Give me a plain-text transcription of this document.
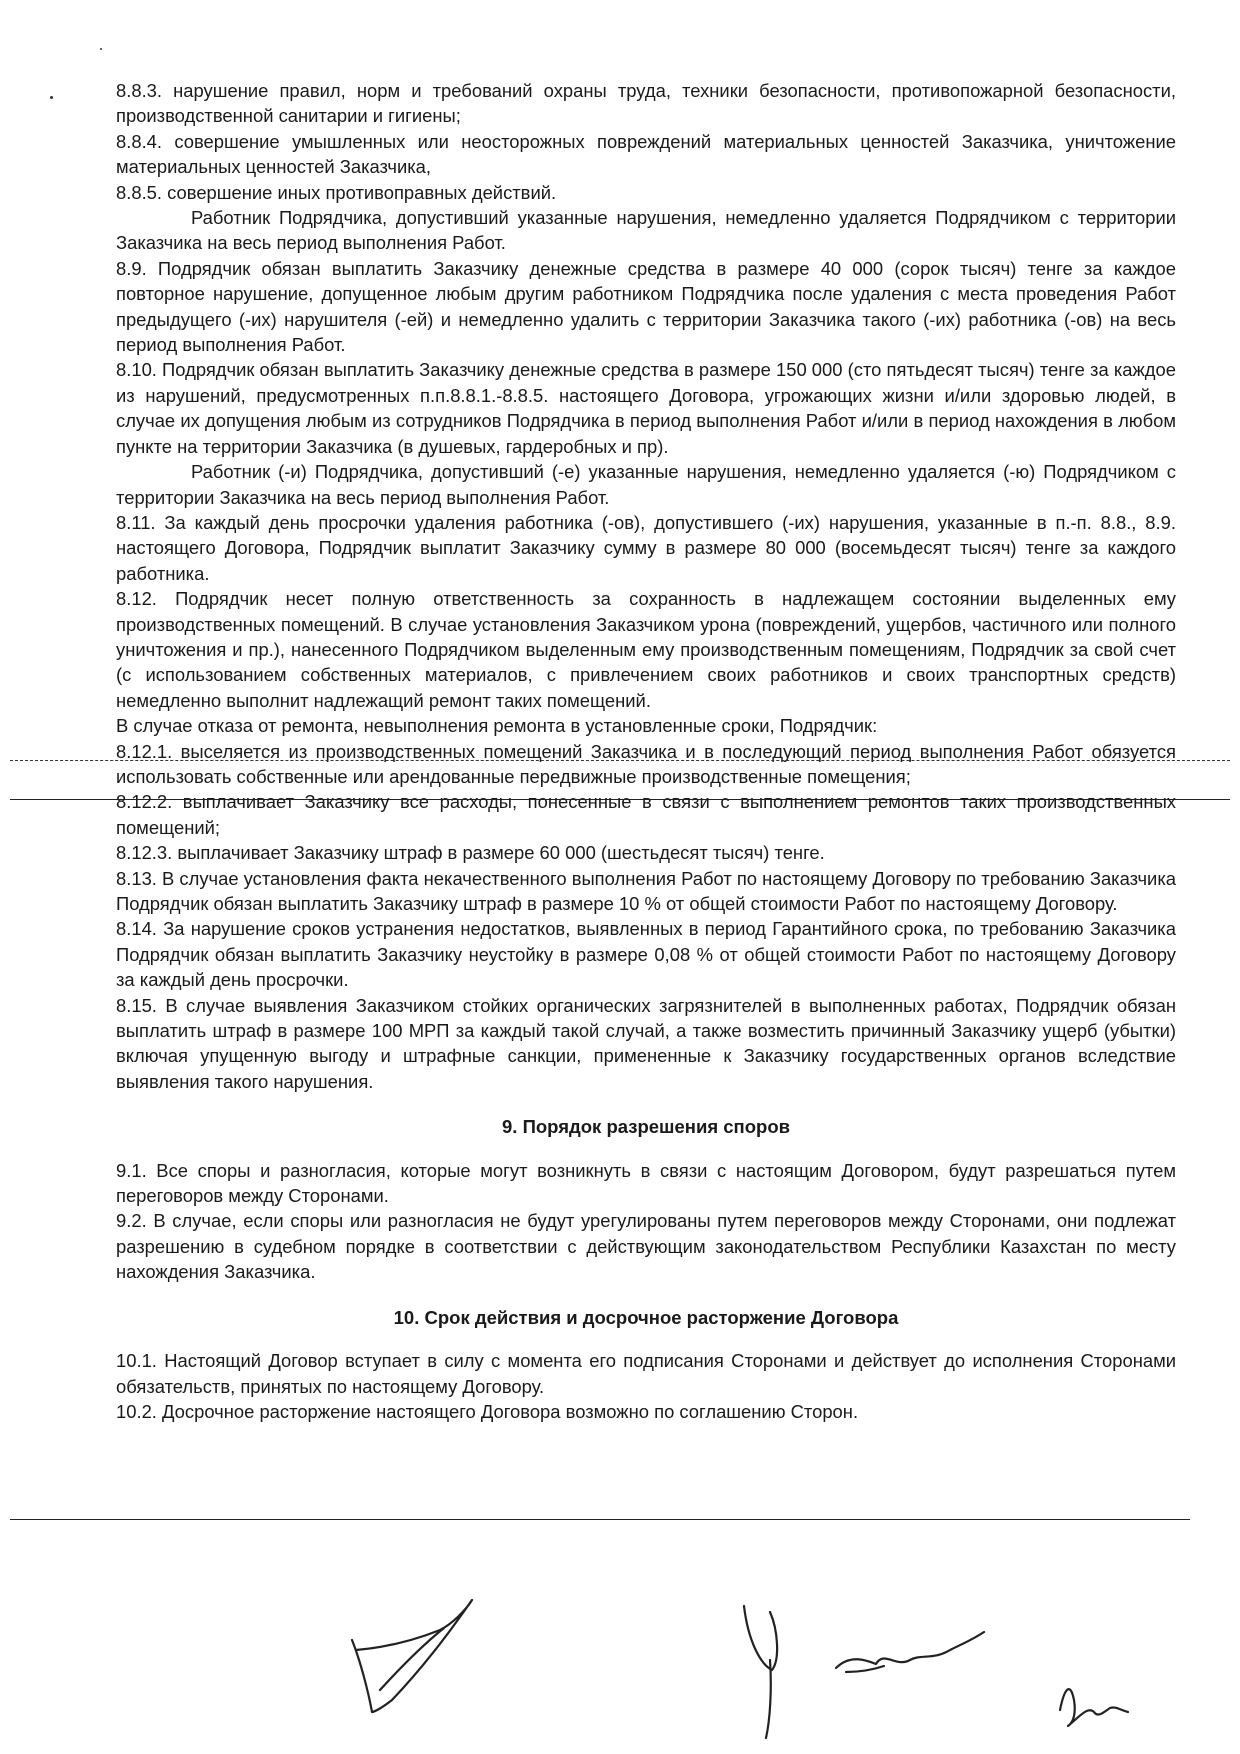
8.8.3. нарушение правил, норм и требований охраны труда, техники безопасности, противопожарной безопасности, производственной санитарии и гигиены;

8.8.4. совершение умышленных или неосторожных повреждений материальных ценностей Заказчика, уничтожение материальных ценностей Заказчика,

8.8.5. совершение иных противоправных действий.

Работник Подрядчика, допустивший указанные нарушения, немедленно удаляется Подрядчиком с территории Заказчика на весь период выполнения Работ.

8.9. Подрядчик обязан выплатить Заказчику денежные средства в размере 40 000 (сорок тысяч) тенге за каждое повторное нарушение, допущенное любым другим работником Подрядчика после удаления с места проведения Работ предыдущего (-их) нарушителя (-ей) и немедленно удалить с территории Заказчика такого (-их) работника (-ов) на весь период выполнения Работ.

8.10. Подрядчик обязан выплатить Заказчику денежные средства в размере 150 000 (сто пятьдесят тысяч) тенге за каждое из нарушений, предусмотренных п.п.8.8.1.-8.8.5. настоящего Договора, угрожающих жизни и/или здоровью людей, в случае их допущения любым из сотрудников Подрядчика в период выполнения Работ и/или в период нахождения в любом пункте на территории Заказчика (в душевых, гардеробных и пр).

Работник (-и) Подрядчика, допустивший (-е) указанные нарушения, немедленно удаляется (-ю) Подрядчиком с территории Заказчика на весь период выполнения Работ.

8.11. За каждый день просрочки удаления работника (-ов), допустившего (-их) нарушения, указанные в п.-п. 8.8., 8.9. настоящего Договора, Подрядчик выплатит Заказчику сумму в размере 80 000 (восемьдесят тысяч) тенге за каждого работника.

8.12. Подрядчик несет полную ответственность за сохранность в надлежащем состоянии выделенных ему производственных помещений. В случае установления Заказчиком урона (повреждений, ущербов, частичного или полного уничтожения и пр.), нанесенного Подрядчиком выделенным ему производственным помещениям, Подрядчик за свой счет (с использованием собственных материалов, с привлечением своих работников и своих транспортных средств) немедленно выполнит надлежащий ремонт таких помещений.

В случае отказа от ремонта, невыполнения ремонта в установленные сроки, Подрядчик:

8.12.1. выселяется из производственных помещений Заказчика и в последующий период выполнения Работ обязуется использовать собственные или арендованные передвижные производственные помещения;

8.12.2. выплачивает Заказчику все расходы, понесенные в связи с выполнением ремонтов таких производственных помещений;

8.12.3. выплачивает Заказчику штраф в размере 60 000 (шестьдесят тысяч) тенге.

8.13. В случае установления факта некачественного выполнения Работ по настоящему Договору по требованию Заказчика Подрядчик обязан выплатить Заказчику штраф в размере 10 % от общей стоимости Работ по настоящему Договору.

8.14. За нарушение сроков устранения недостатков, выявленных в период Гарантийного срока, по требованию Заказчика Подрядчик обязан выплатить Заказчику неустойку в размере 0,08 % от общей стоимости Работ по настоящему Договору за каждый день просрочки.

8.15. В случае выявления Заказчиком стойких органических загрязнителей в выполненных работах, Подрядчик обязан выплатить штраф в размере 100 МРП за каждый такой случай, а также возместить причинный Заказчику ущерб (убытки) включая упущенную выгоду и штрафные санкции, примененные к Заказчику государственных органов вследствие выявления такого нарушения.

9. Порядок разрешения споров

9.1. Все споры и разногласия, которые могут возникнуть в связи с настоящим Договором, будут разрешаться путем переговоров между Сторонами.

9.2. В случае, если споры или разногласия не будут урегулированы путем переговоров между Сторонами, они подлежат разрешению в судебном порядке в соответствии с действующим законодательством Республики Казахстан по месту нахождения Заказчика.

10. Срок действия и досрочное расторжение Договора

10.1. Настоящий Договор вступает в силу с момента его подписания Сторонами и действует до исполнения Сторонами обязательств, принятых по настоящему Договору.

10.2. Досрочное расторжение настоящего Договора возможно по соглашению Сторон.
